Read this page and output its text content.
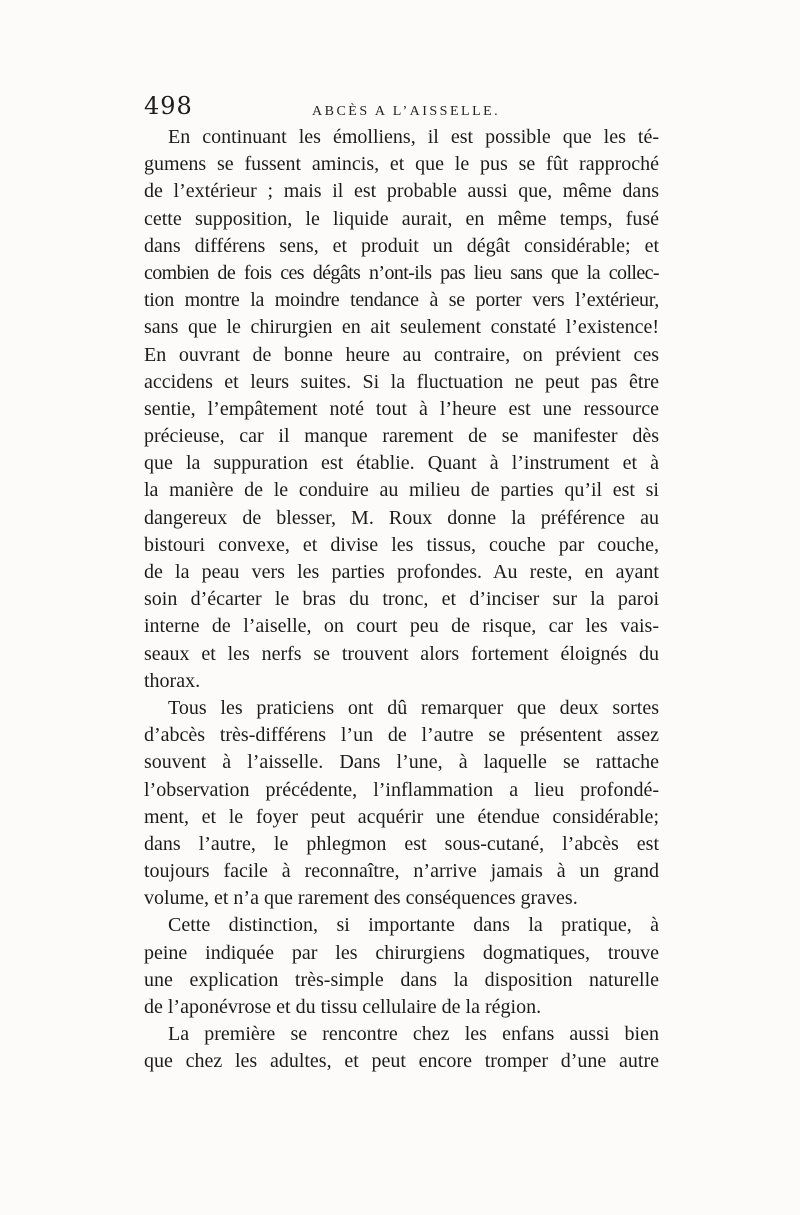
498	ABCÈS A L’AISSELLE.
En continuant les émolliens, il est possible que les té-
gumens se fussent amincis, et que le pus se fût rapproché
de l’extérieur ; mais il est probable aussi que, même dans
cette supposition, le liquide aurait, en même temps, fusé
dans différens sens, et produit un dégât considérable; et
combien de fois ces dégâts n’ont-ils pas lieu sans que la collec-
tion montre la moindre tendance à se porter vers l’extérieur,
sans que le chirurgien en ait seulement constaté l’existence!
En ouvrant de bonne heure au contraire, on prévient ces
accidens et leurs suites. Si la fluctuation ne peut pas être
sentie, l’empâtement noté tout à l’heure est une ressource
précieuse, car il manque rarement de se manifester dès
que la suppuration est établie. Quant à l’instrument et à
la manière de le conduire au milieu de parties qu’il est si
dangereux de blesser, M. Roux donne la préférence au
bistouri convexe, et divise les tissus, couche par couche,
de la peau vers les parties profondes. Au reste, en ayant
soin d’écarter le bras du tronc, et d’inciser sur la paroi
interne de l’aiselle, on court peu de risque, car les vais-
seaux et les nerfs se trouvent alors fortement éloignés du
thorax.
Tous les praticiens ont dû remarquer que deux sortes
d’abcès très-différens l’un de l’autre se présentent assez
souvent à l’aisselle. Dans l’une, à laquelle se rattache
l’observation précédente, l’inflammation a lieu profondé-
ment, et le foyer peut acquérir une étendue considérable;
dans l’autre, le phlegmon est sous-cutané, l’abcès est
toujours facile à reconnaître, n’arrive jamais à un grand
volume, et n’a que rarement des conséquences graves.
Cette distinction, si importante dans la pratique, à
peine indiquée par les chirurgiens dogmatiques, trouve
une explication très-simple dans la disposition naturelle
de l’aponévrose et du tissu cellulaire de la région.
La première se rencontre chez les enfans aussi bien
que chez les adultes, et peut encore tromper d’une autre
